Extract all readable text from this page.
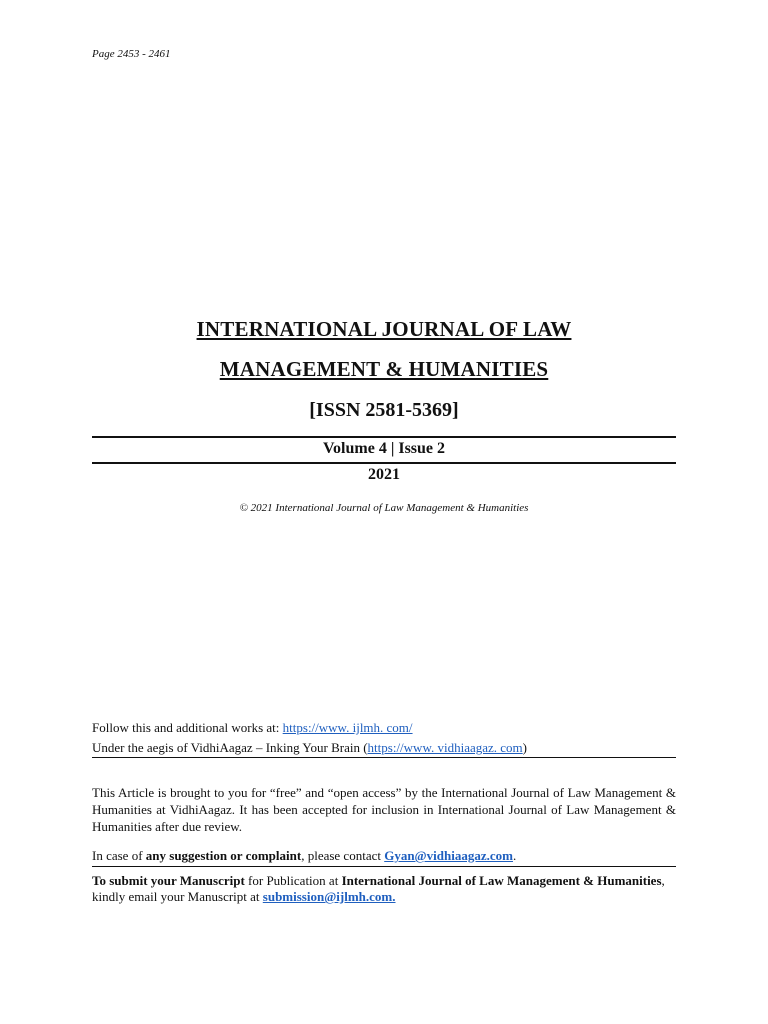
Page 2453 - 2461
INTERNATIONAL JOURNAL OF LAW
MANAGEMENT & HUMANITIES
[ISSN 2581-5369]
Volume 4 | Issue 2
2021
© 2021 International Journal of Law Management & Humanities
Follow this and additional works at: https://www. ijlmh. com/
Under the aegis of VidhiAagaz – Inking Your Brain (https://www. vidhiaagaz. com)
This Article is brought to you for “free” and “open access” by the International Journal of Law Management & Humanities at VidhiAagaz. It has been accepted for inclusion in International Journal of Law Management & Humanities after due review.
In case of any suggestion or complaint, please contact Gyan@vidhiaagaz.com.
To submit your Manuscript for Publication at International Journal of Law Management & Humanities, kindly email your Manuscript at submission@ijlmh.com.
